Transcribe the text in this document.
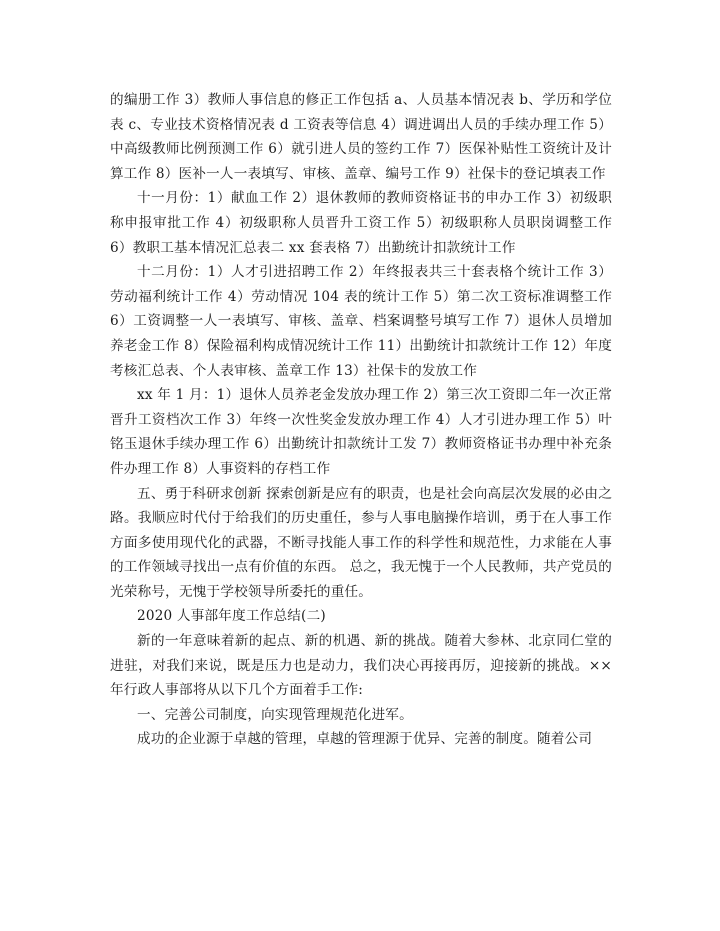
的编册工作 3）教师人事信息的修正工作包括 a、人员基本情况表 b、学历和学位表 c、专业技术资格情况表 d 工资表等信息 4）调进调出人员的手续办理工作 5）中高级教师比例预测工作 6）就引进人员的签约工作 7）医保补贴性工资统计及计算工作 8）医补一人一表填写、审核、盖章、编号工作 9）社保卡的登记填表工作

十一月份：1）献血工作 2）退休教师的教师资格证书的申办工作 3）初级职称申报审批工作 4）初级职称人员晋升工资工作 5）初级职称人员职岗调整工作 6）教职工基本情况汇总表二 xx 套表格 7）出勤统计扣款统计工作

十二月份：1）人才引进招聘工作 2）年终报表共三十套表格个统计工作 3）劳动福利统计工作 4）劳动情况 104 表的统计工作 5）第二次工资标准调整工作 6）工资调整一人一表填写、审核、盖章、档案调整号填写工作 7）退休人员增加养老金工作 8）保险福利构成情况统计工作 11）出勤统计扣款统计工作 12）年度考核汇总表、个人表审核、盖章工作 13）社保卡的发放工作

xx 年 1 月：1）退休人员养老金发放办理工作 2）第三次工资即二年一次正常晋升工资档次工作 3）年终一次性奖金发放办理工作 4）人才引进办理工作 5）叶铭玉退休手续办理工作 6）出勤统计扣款统计工发 7）教师资格证书办理中补充条件办理工作 8）人事资料的存档工作

五、勇于科研求创新 探索创新是应有的职责，也是社会向高层次发展的必由之路。我顺应时代付于给我们的历史重任，参与人事电脑操作培训，勇于在人事工作方面多使用现代化的武器，不断寻找能人事工作的科学性和规范性，力求能在人事的工作领域寻找出一点有价值的东西。 总之，我无愧于一个人民教师，共产党员的光荣称号，无愧于学校领导所委托的重任。

2020 人事部年度工作总结(二)

新的一年意味着新的起点、新的机遇、新的挑战。随着大参林、北京同仁堂的进驻，对我们来说，既是压力也是动力，我们决心再接再厉，迎接新的挑战。××年行政人事部将从以下几个方面着手工作:

一、完善公司制度，向实现管理规范化进军。

成功的企业源于卓越的管理，卓越的管理源于优异、完善的制度。随着公司
